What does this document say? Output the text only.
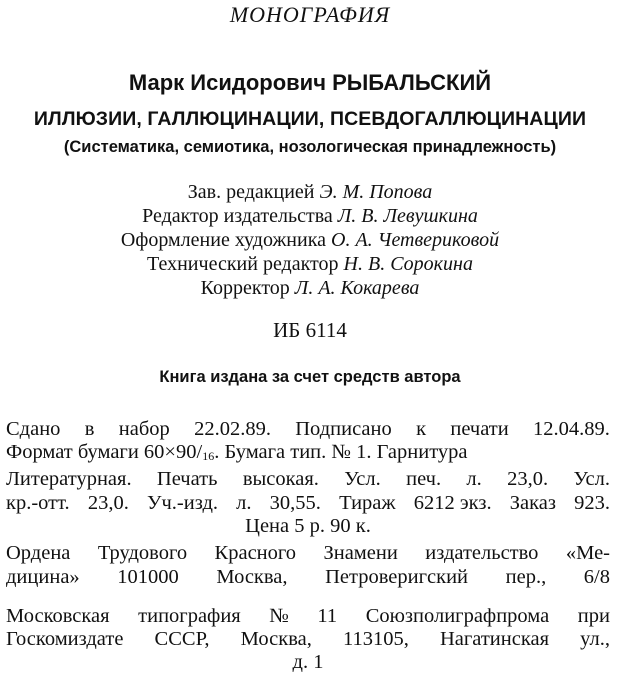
МОНОГРАФИЯ
Марк Исидорович РЫБАЛЬСКИЙ
ИЛЛЮЗИИ, ГАЛЛЮЦИНАЦИИ, ПСЕВДОГАЛЛЮЦИНАЦИИ
(Систематика, семиотика, нозологическая принадлежность)
Зав. редакцией Э. М. Попова
Редактор издательства Л. В. Левушкина
Оформление художника О. А. Четвериковой
Технический редактор Н. В. Сорокина
Корректор Л. А. Кокарева
ИБ 6114
Книга издана за счет средств автора
Сдано в набор 22.02.89. Подписано к печати 12.04.89.
Формат бумаги $60\times 90/_{16}$. Бумага тип. № 1. Гарнитура
Литературная. Печать высокая. Усл. печ. л. 23,0. Усл.
кр.-отт. 23,0. Уч.-изд. л. 30,55. Тираж 6212 экз. Заказ 923.
Цена 5 р. 90 к.
Ордена Трудового Красного Знамени издательство «Ме-
дицина» 101000 Москва, Петроверигский пер., 6/8
Московская типография № 11 Союзполиграфпрома при
Госкомиздате СССР, Москва, 113105, Нагатинская ул.,
д. 1
